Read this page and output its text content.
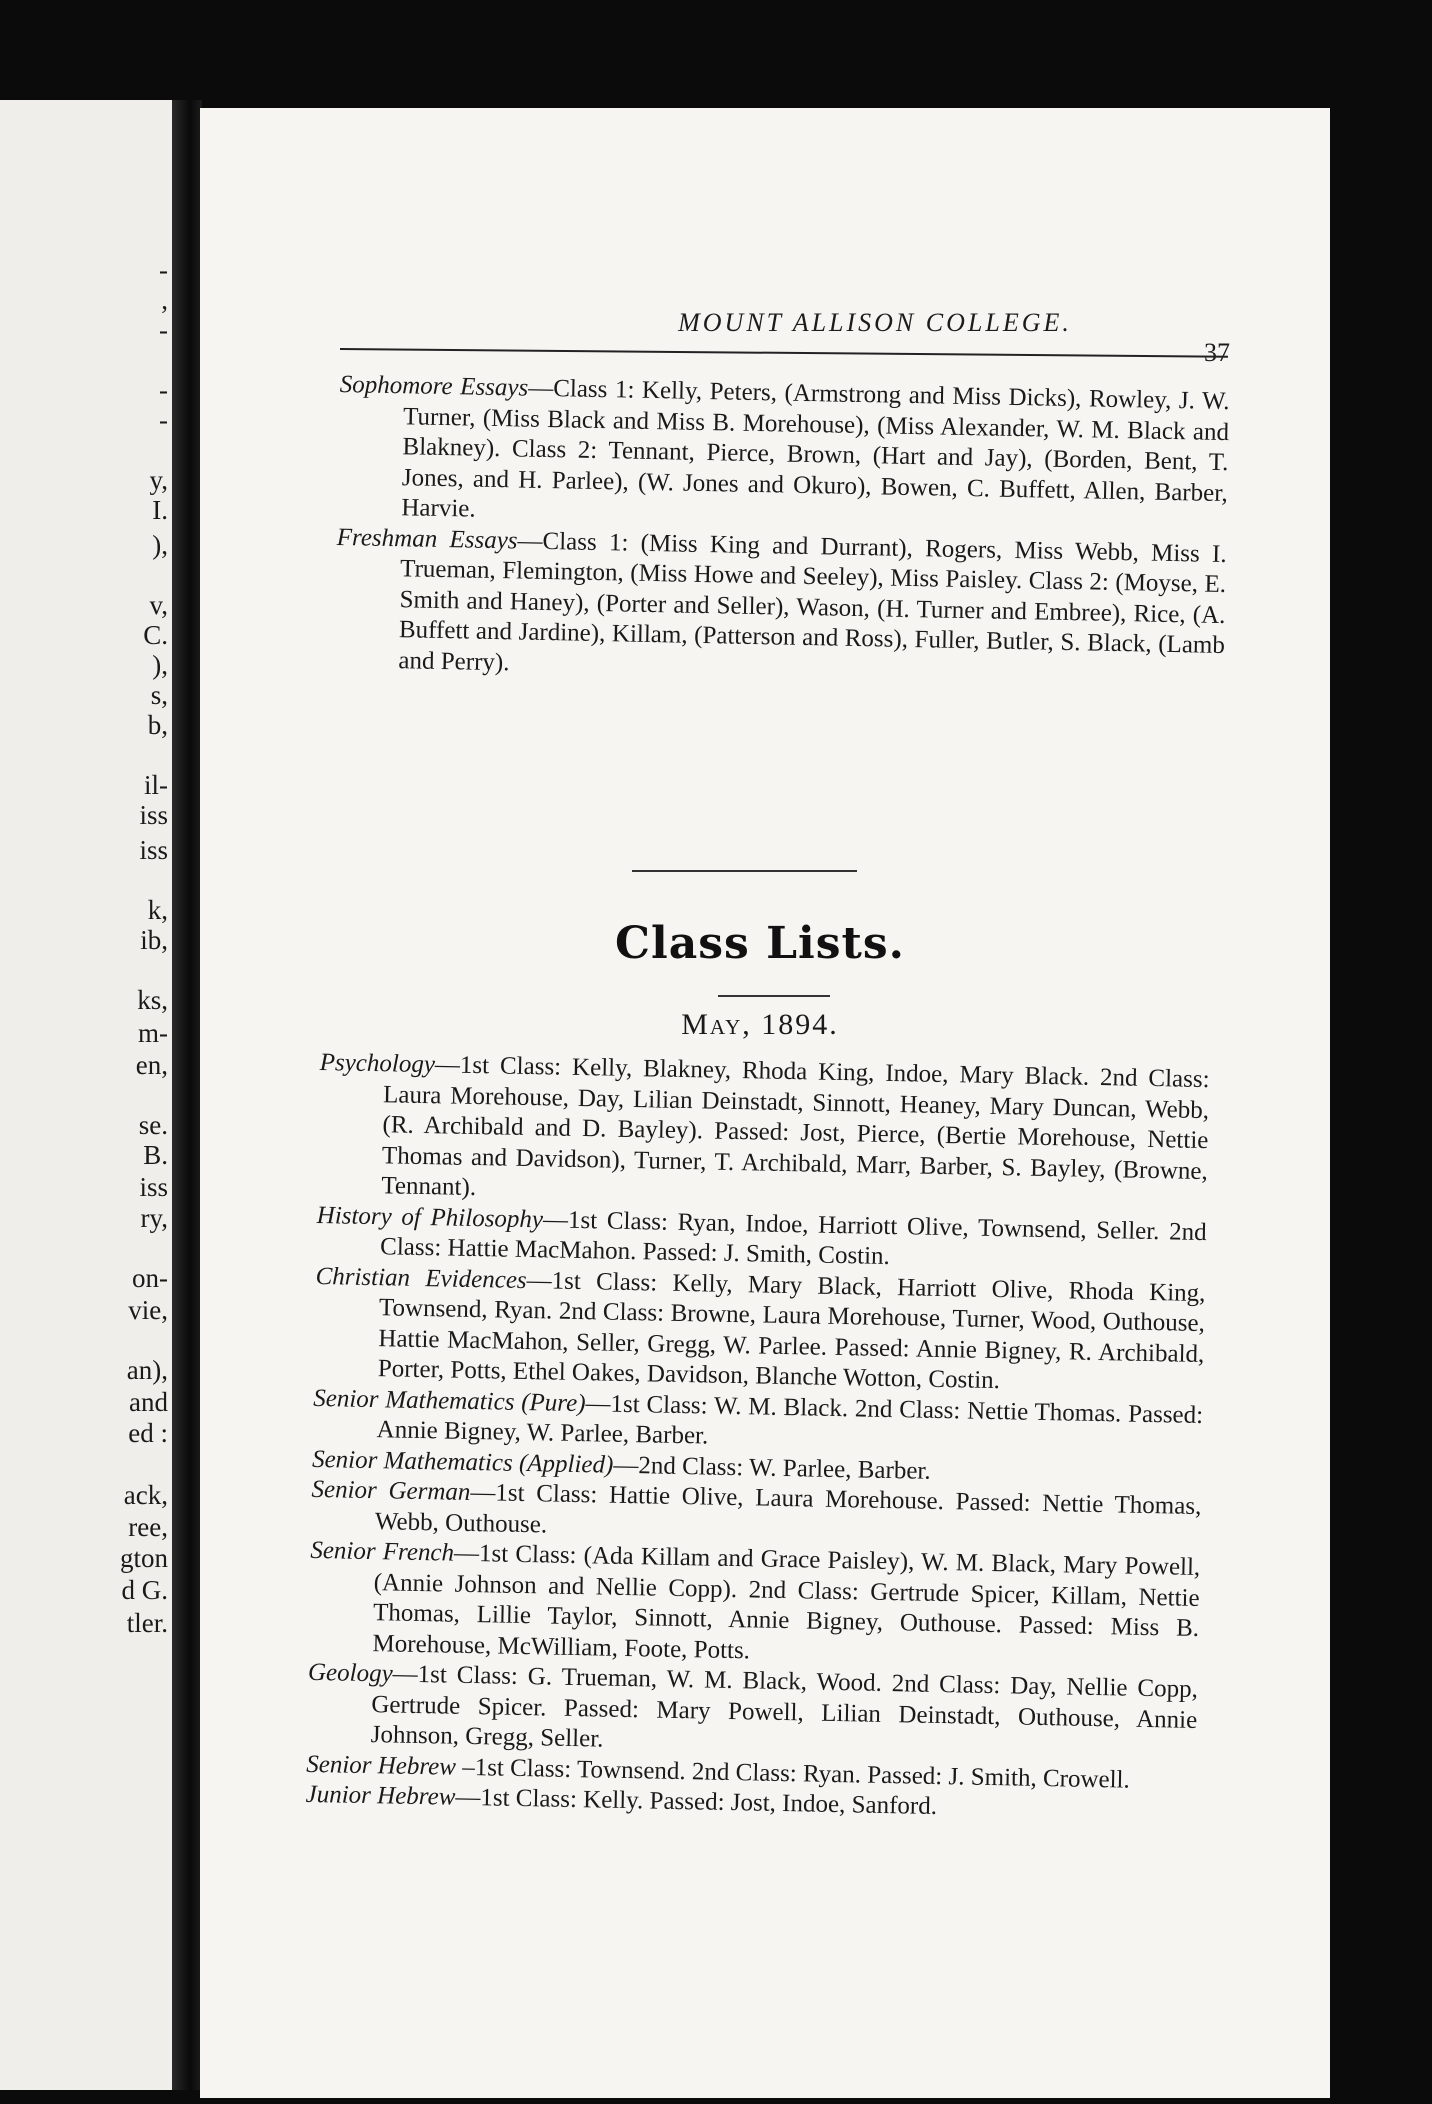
-
,
-
-
-
y,
I.
),
v,
C.
),
s,
b,
il-
iss
iss
k,
ib,
ks,
m-
en,
se.
B.
iss
ry,
on-
vie,
an),
and
ed :
ack,
ree,
gton
d G.
tler.
MOUNT ALLISON COLLEGE.
37

Sophomore Essays—Class 1: Kelly, Peters, (Armstrong and Miss Dicks), Rowley, J. W. Turner, (Miss Black and Miss B. Morehouse), (Miss Alexander, W. M. Black and Blakney). Class 2: Tennant, Pierce, Brown, (Hart and Jay), (Borden, Bent, T. Jones, and H. Parlee), (W. Jones and Okuro), Bowen, C. Buffett, Allen, Barber, Harvie.

Freshman Essays—Class 1: (Miss King and Durrant), Rogers, Miss Webb, Miss I. Trueman, Flemington, (Miss Howe and Seeley), Miss Paisley. Class 2: (Moyse, E. Smith and Haney), (Porter and Seller), Wason, (H. Turner and Embree), Rice, (A. Buffett and Jardine), Killam, (Patterson and Ross), Fuller, Butler, S. Black, (Lamb and Perry).

Class Lists.
May, 1894.

Psychology—1st Class: Kelly, Blakney, Rhoda King, Indoe, Mary Black. 2nd Class: Laura Morehouse, Day, Lilian Deinstadt, Sinnott, Heaney, Mary Duncan, Webb, (R. Archibald and D. Bayley). Passed: Jost, Pierce, (Bertie Morehouse, Nettie Thomas and Davidson), Turner, T. Archibald, Marr, Barber, S. Bayley, (Browne, Tennant).

History of Philosophy—1st Class: Ryan, Indoe, Harriott Olive, Townsend, Seller. 2nd Class: Hattie MacMahon. Passed: J. Smith, Costin.

Christian Evidences—1st Class: Kelly, Mary Black, Harriott Olive, Rhoda King, Townsend, Ryan. 2nd Class: Browne, Laura Morehouse, Turner, Wood, Outhouse, Hattie MacMahon, Seller, Gregg, W. Parlee. Passed: Annie Bigney, R. Archibald, Porter, Potts, Ethel Oakes, Davidson, Blanche Wotton, Costin.

Senior Mathematics (Pure)—1st Class: W. M. Black. 2nd Class: Nettie Thomas. Passed: Annie Bigney, W. Parlee, Barber.

Senior Mathematics (Applied)—2nd Class: W. Parlee, Barber.

Senior German—1st Class: Hattie Olive, Laura Morehouse. Passed: Nettie Thomas, Webb, Outhouse.

Senior French—1st Class: (Ada Killam and Grace Paisley), W. M. Black, Mary Powell, (Annie Johnson and Nellie Copp). 2nd Class: Gertrude Spicer, Killam, Nettie Thomas, Lillie Taylor, Sinnott, Annie Bigney, Outhouse. Passed: Miss B. Morehouse, McWilliam, Foote, Potts.

Geology—1st Class: G. Trueman, W. M. Black, Wood. 2nd Class: Day, Nellie Copp, Gertrude Spicer. Passed: Mary Powell, Lilian Deinstadt, Outhouse, Annie Johnson, Gregg, Seller.

Senior Hebrew –1st Class: Townsend. 2nd Class: Ryan. Passed: J. Smith, Crowell.

Junior Hebrew—1st Class: Kelly. Passed: Jost, Indoe, Sanford.
